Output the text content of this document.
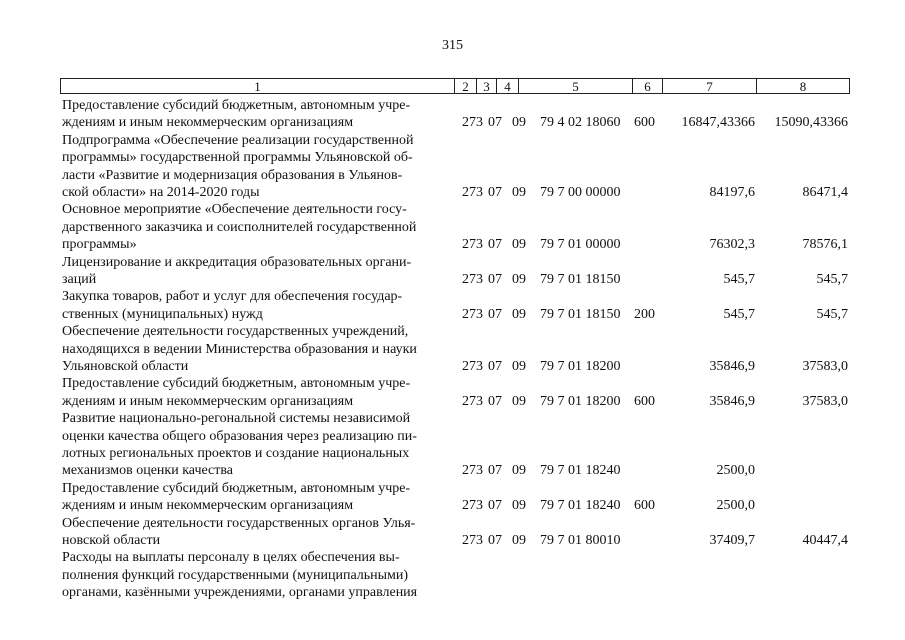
315
1	2	3	4	5	6	7	8
Предоставление субсидий бюджетным, автономным учре-
ждениям и иным некоммерческим организациям	273 07 09 79 4 02 18060 600 16847,43366 15090,43366
Подпрограмма «Обеспечение реализации государственной
программы» государственной программы Ульяновской об-
ласти «Развитие и модернизация образования в Ульянов-
ской области» на 2014-2020 годы	273 07 09 79 7 00 00000	84197,6	86471,4
Основное мероприятие «Обеспечение деятельности госу-
дарственного заказчика и соисполнителей государственной
программы»	273 07 09 79 7 01 00000	76302,3	78576,1
Лицензирование и аккредитация образовательных органи-
заций	273 07 09 79 7 01 18150	545,7	545,7
Закупка товаров, работ и услуг для обеспечения госудаp-
ственных (муниципальных) нужд	273 07 09 79 7 01 18150 200	545,7	545,7
Обеспечение деятельности государственных учреждений,
находящихся в ведении Министерства образования и науки
Ульяновской области	273 07 09 79 7 01 18200	35846,9	37583,0
Предоставление субсидий бюджетным, автономным учре-
ждениям и иным некоммерческим организациям	273 07 09 79 7 01 18200 600	35846,9	37583,0
Развитие национально-регональной системы независимой
оценки качества общего образования через реализацию пи-
лотных региональных проектов и создание национальных
механизмов оценки качества	273 07 09 79 7 01 18240	2500,0
Предоставление субсидий бюджетным, автономным учре-
ждениям и иным некоммерческим организациям	273 07 09 79 7 01 18240 600	2500,0
Обеспечение деятельности государственных органов Улья-
новской области	273 07 09 79 7 01 80010	37409,7	40447,4
Расходы на выплаты персоналу в целях обеспечения вы-
полнения функций государственными (муниципальными)
органами, казёнными учреждениями, органами управления
